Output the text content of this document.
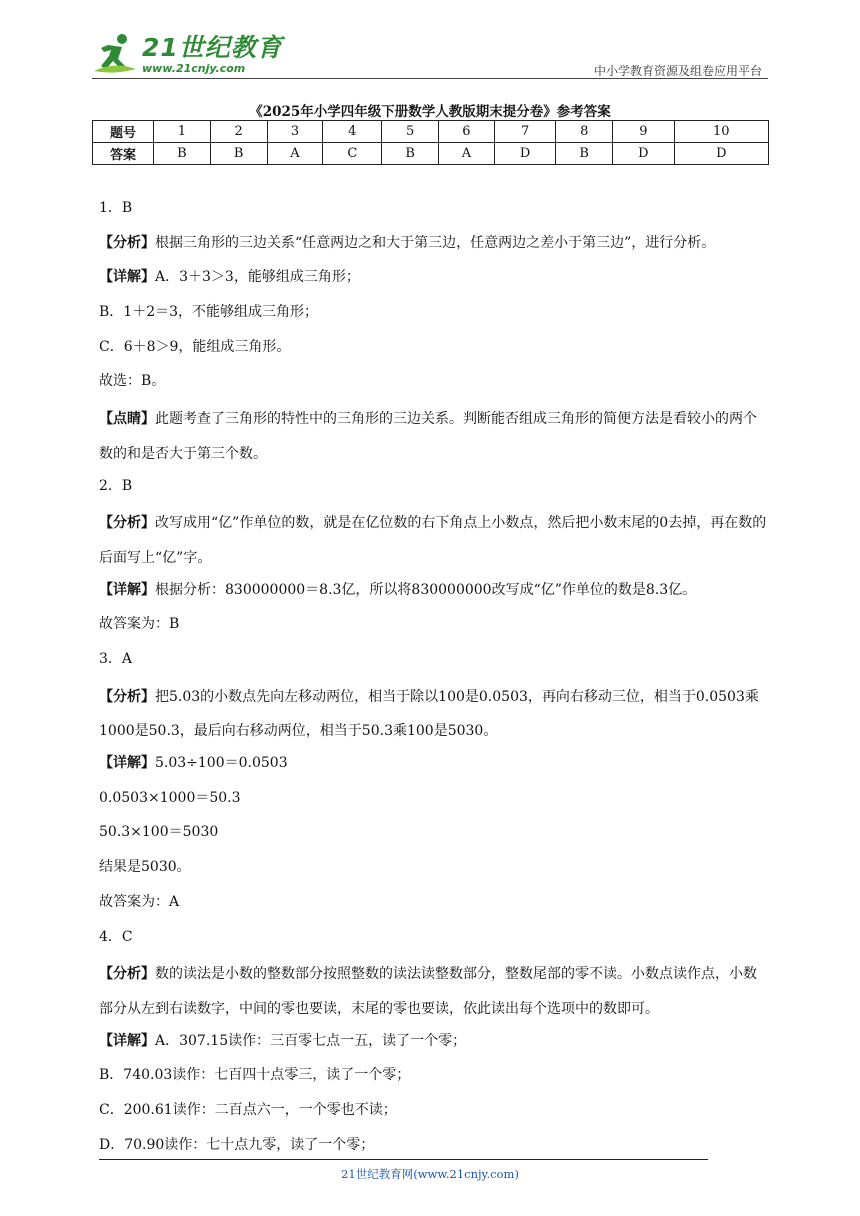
21世纪教育
www.21cnjy.com	中小学教育资源及组卷应用平台
《2025年小学四年级下册数学人教版期末提分卷》参考答案
题号	1	2	3	4	5	6	7	8	9	10
答案	B	B	A	C	B	A	D	B	D	D
1．B
【分析】根据三角形的三边关系“任意两边之和大于第三边，任意两边之差小于第三边”，进行分析。
【详解】A．3＋3＞3，能够组成三角形；
B．1＋2＝3，不能够组成三角形；
C．6＋8＞9，能组成三角形。
故选：B。
【点睛】此题考查了三角形的特性中的三角形的三边关系。判断能否组成三角形的简便方法是看较小的两个数的和是否大于第三个数。
2．B
【分析】改写成用“亿”作单位的数，就是在亿位数的右下角点上小数点，然后把小数末尾的0去掉，再在数的后面写上“亿”字。
【详解】根据分析：830000000＝8.3亿，所以将830000000改写成“亿”作单位的数是8.3亿。
故答案为：B
3．A
【分析】把5.03的小数点先向左移动两位，相当于除以100是0.0503，再向右移动三位，相当于0.0503乘1000是50.3，最后向右移动两位，相当于50.3乘100是5030。
【详解】5.03÷100＝0.0503
0.0503×1000＝50.3
50.3×100＝5030
结果是5030。
故答案为：A
4．C
【分析】数的读法是小数的整数部分按照整数的读法读整数部分，整数尾部的零不读。小数点读作点，小数部分从左到右读数字，中间的零也要读，末尾的零也要读，依此读出每个选项中的数即可。
【详解】A．307.15读作：三百零七点一五，读了一个零；
B．740.03读作：七百四十点零三，读了一个零；
C．200.61读作：二百点六一，一个零也不读；
D．70.90读作：七十点九零，读了一个零；
21世纪教育网(www.21cnjy.com)
